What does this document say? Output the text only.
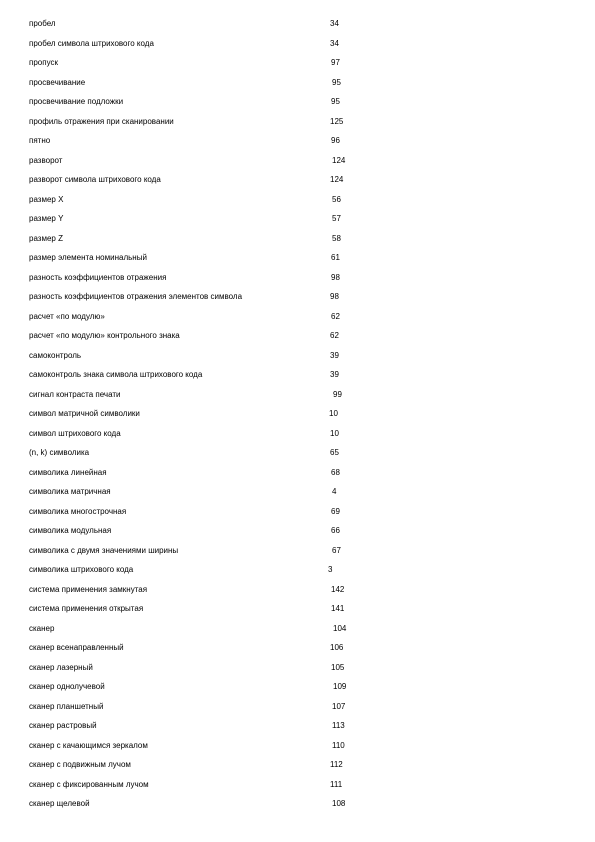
пробел	34
пробел символа штрихового кода	34
пропуск	97
просвечивание	95
просвечивание подложки	95
профиль отражения при сканировании	125
пятно	96
разворот	124
разворот символа штрихового кода	124
размер X	56
размер Y	57
размер Z	58
размер элемента номинальный	61
разность коэффициентов отражения	98
разность коэффициентов отражения элементов символа	98
расчет «по модулю»	62
расчет «по модулю» контрольного знака	62
самоконтроль	39
самоконтроль знака символа штрихового кода	39
сигнал контраста печати	99
символ матричной символики	10
символ штрихового кода	10
(n, k) символика	65
символика линейная	68
символика матричная	4
символика многострочная	69
символика модульная	66
символика с двумя значениями ширины	67
символика штрихового кода	3
система применения замкнутая	142
система применения открытая	141
сканер	104
сканер всенаправленный	106
сканер лазерный	105
сканер однолучевой	109
сканер планшетный	107
сканер растровый	113
сканер с качающимся зеркалом	110
сканер с подвижным лучом	112
сканер с фиксированным лучом	111
сканер щелевой	108
